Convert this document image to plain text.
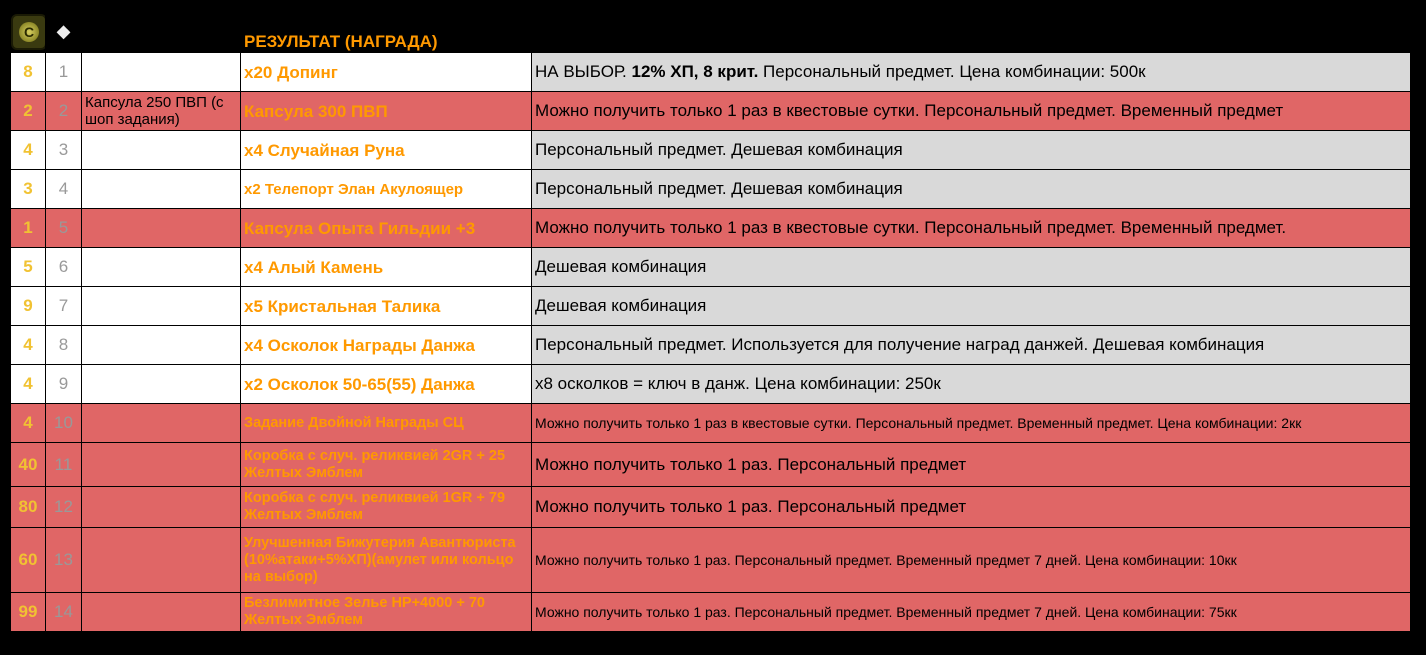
C	◆	.+ доп. ресурс в комбинации	РЕЗУЛЬТАТ (НАГРАДА)	Доп. комментарий
8	1		x20 Допинг	НА ВЫБОР. 12% ХП, 8 крит. Персональный предмет. Цена комбинации: 500к
2	2	Капсула 250 ПВП (с шоп задания)	Капсула 300 ПВП	Можно получить только 1 раз в квестовые сутки. Персональный предмет. Временный предмет
4	3		x4 Случайная Руна	Персональный предмет. Дешевая комбинация
3	4		x2 Телепорт Элан Акулоящер	Персональный предмет. Дешевая комбинация
1	5		Капсула Опыта Гильдии +3	Можно получить только 1 раз в квестовые сутки. Персональный предмет. Временный предмет.
5	6		x4 Алый Камень	Дешевая комбинация
9	7		x5 Кристальная Талика	Дешевая комбинация
4	8		x4 Осколок Награды Данжа	Персональный предмет. Используется для получение наград данжей. Дешевая комбинация
4	9		x2 Осколок 50-65(55) Данжа	x8 осколков = ключ в данж. Цена комбинации: 250к
4	10		Задание Двойной Награды СЦ	Можно получить только 1 раз в квестовые сутки. Персональный предмет. Временный предмет. Цена комбинации: 2кк
40	11		Коробка с случ. реликвией 2GR + 25 Желтых Эмблем	Можно получить только 1 раз. Персональный предмет
80	12		Коробка с случ. реликвией 1GR + 79 Желтых Эмблем	Можно получить только 1 раз. Персональный предмет
60	13		Улучшенная Бижутерия Авантюриста (10%атаки+5%ХП)(амулет или кольцо на выбор)	Можно получить только 1 раз. Персональный предмет. Временный предмет 7 дней. Цена комбинации: 10кк
99	14		Безлимитное Зелье HP+4000 + 70 Желтых Эмблем	Можно получить только 1 раз. Персональный предмет. Временный предмет 7 дней. Цена комбинации: 75кк
